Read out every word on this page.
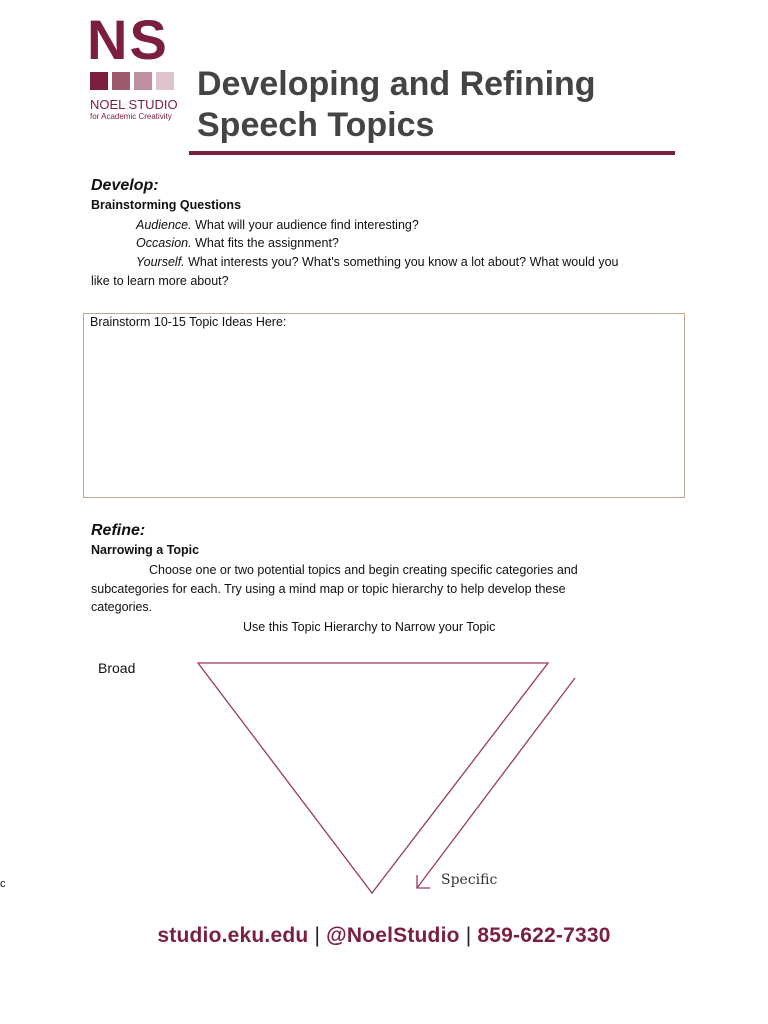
NS
NOEL STUDIO
for Academic Creativity
Developing and Refining
Speech Topics
Develop:
Brainstorming Questions
Audience. What will your audience find interesting?
Occasion. What fits the assignment?
Yourself. What interests you? What's something you know a lot about? What would you
like to learn more about?
Brainstorm 10-15 Topic Ideas Here:
Refine:
Narrowing a Topic
Choose one or two potential topics and begin creating specific categories and
subcategories for each. Try using a mind map or topic hierarchy to help develop these
categories.
Use this Topic Hierarchy to Narrow your Topic
Broad
Specific
c
studio.eku.edu | @NoelStudio | 859-622-7330
